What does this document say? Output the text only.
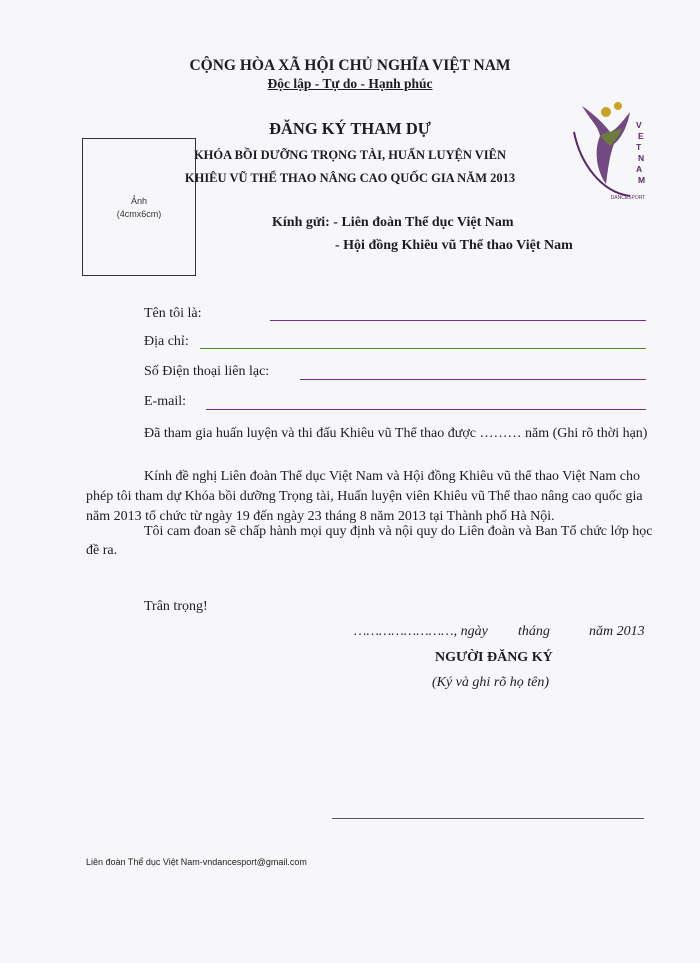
CỘNG HÒA XÃ HỘI CHỦ NGHĨA VIỆT NAM
Độc lập - Tự do - Hạnh phúc
ĐĂNG KÝ THAM DỰ
KHÓA BỒI DƯỠNG TRỌNG TÀI, HUẤN LUYỆN VIÊN
KHIÊU VŨ THỂ THAO NÂNG CAO QUỐC GIA NĂM 2013
Ảnh
(4cmx6cm)
V
E
T
N
A
M
DANCESPORT
Kính gửi: - Liên đoàn Thể dục Việt Nam
- Hội đồng Khiêu vũ Thể thao Việt Nam
Tên tôi là:
Địa chỉ:
Số Điện thoại liên lạc:
E-mail:
Đã tham gia huấn luyện và thi đấu Khiêu vũ Thể thao được ……… năm (Ghi rõ thời hạn)
Kính đề nghị Liên đoàn Thể dục Việt Nam và Hội đồng Khiêu vũ thể thao Việt Nam cho
phép tôi tham dự Khóa bồi dưỡng Trọng tài, Huấn luyện viên Khiêu vũ Thể thao nâng cao quốc gia
năm 2013 tổ chức từ ngày 19 đến ngày 23 tháng 8 năm 2013 tại Thành phố Hà Nội.
Tôi cam đoan sẽ chấp hành mọi quy định và nội quy do Liên đoàn và Ban Tổ chức lớp học
đề ra.
Trân trọng!
……………………, ngày tháng	năm 2013
NGƯỜI ĐĂNG KÝ
(Ký và ghi rõ họ tên)
Liên đoàn Thể dục Việt Nam-vndancesport@gmail.com
